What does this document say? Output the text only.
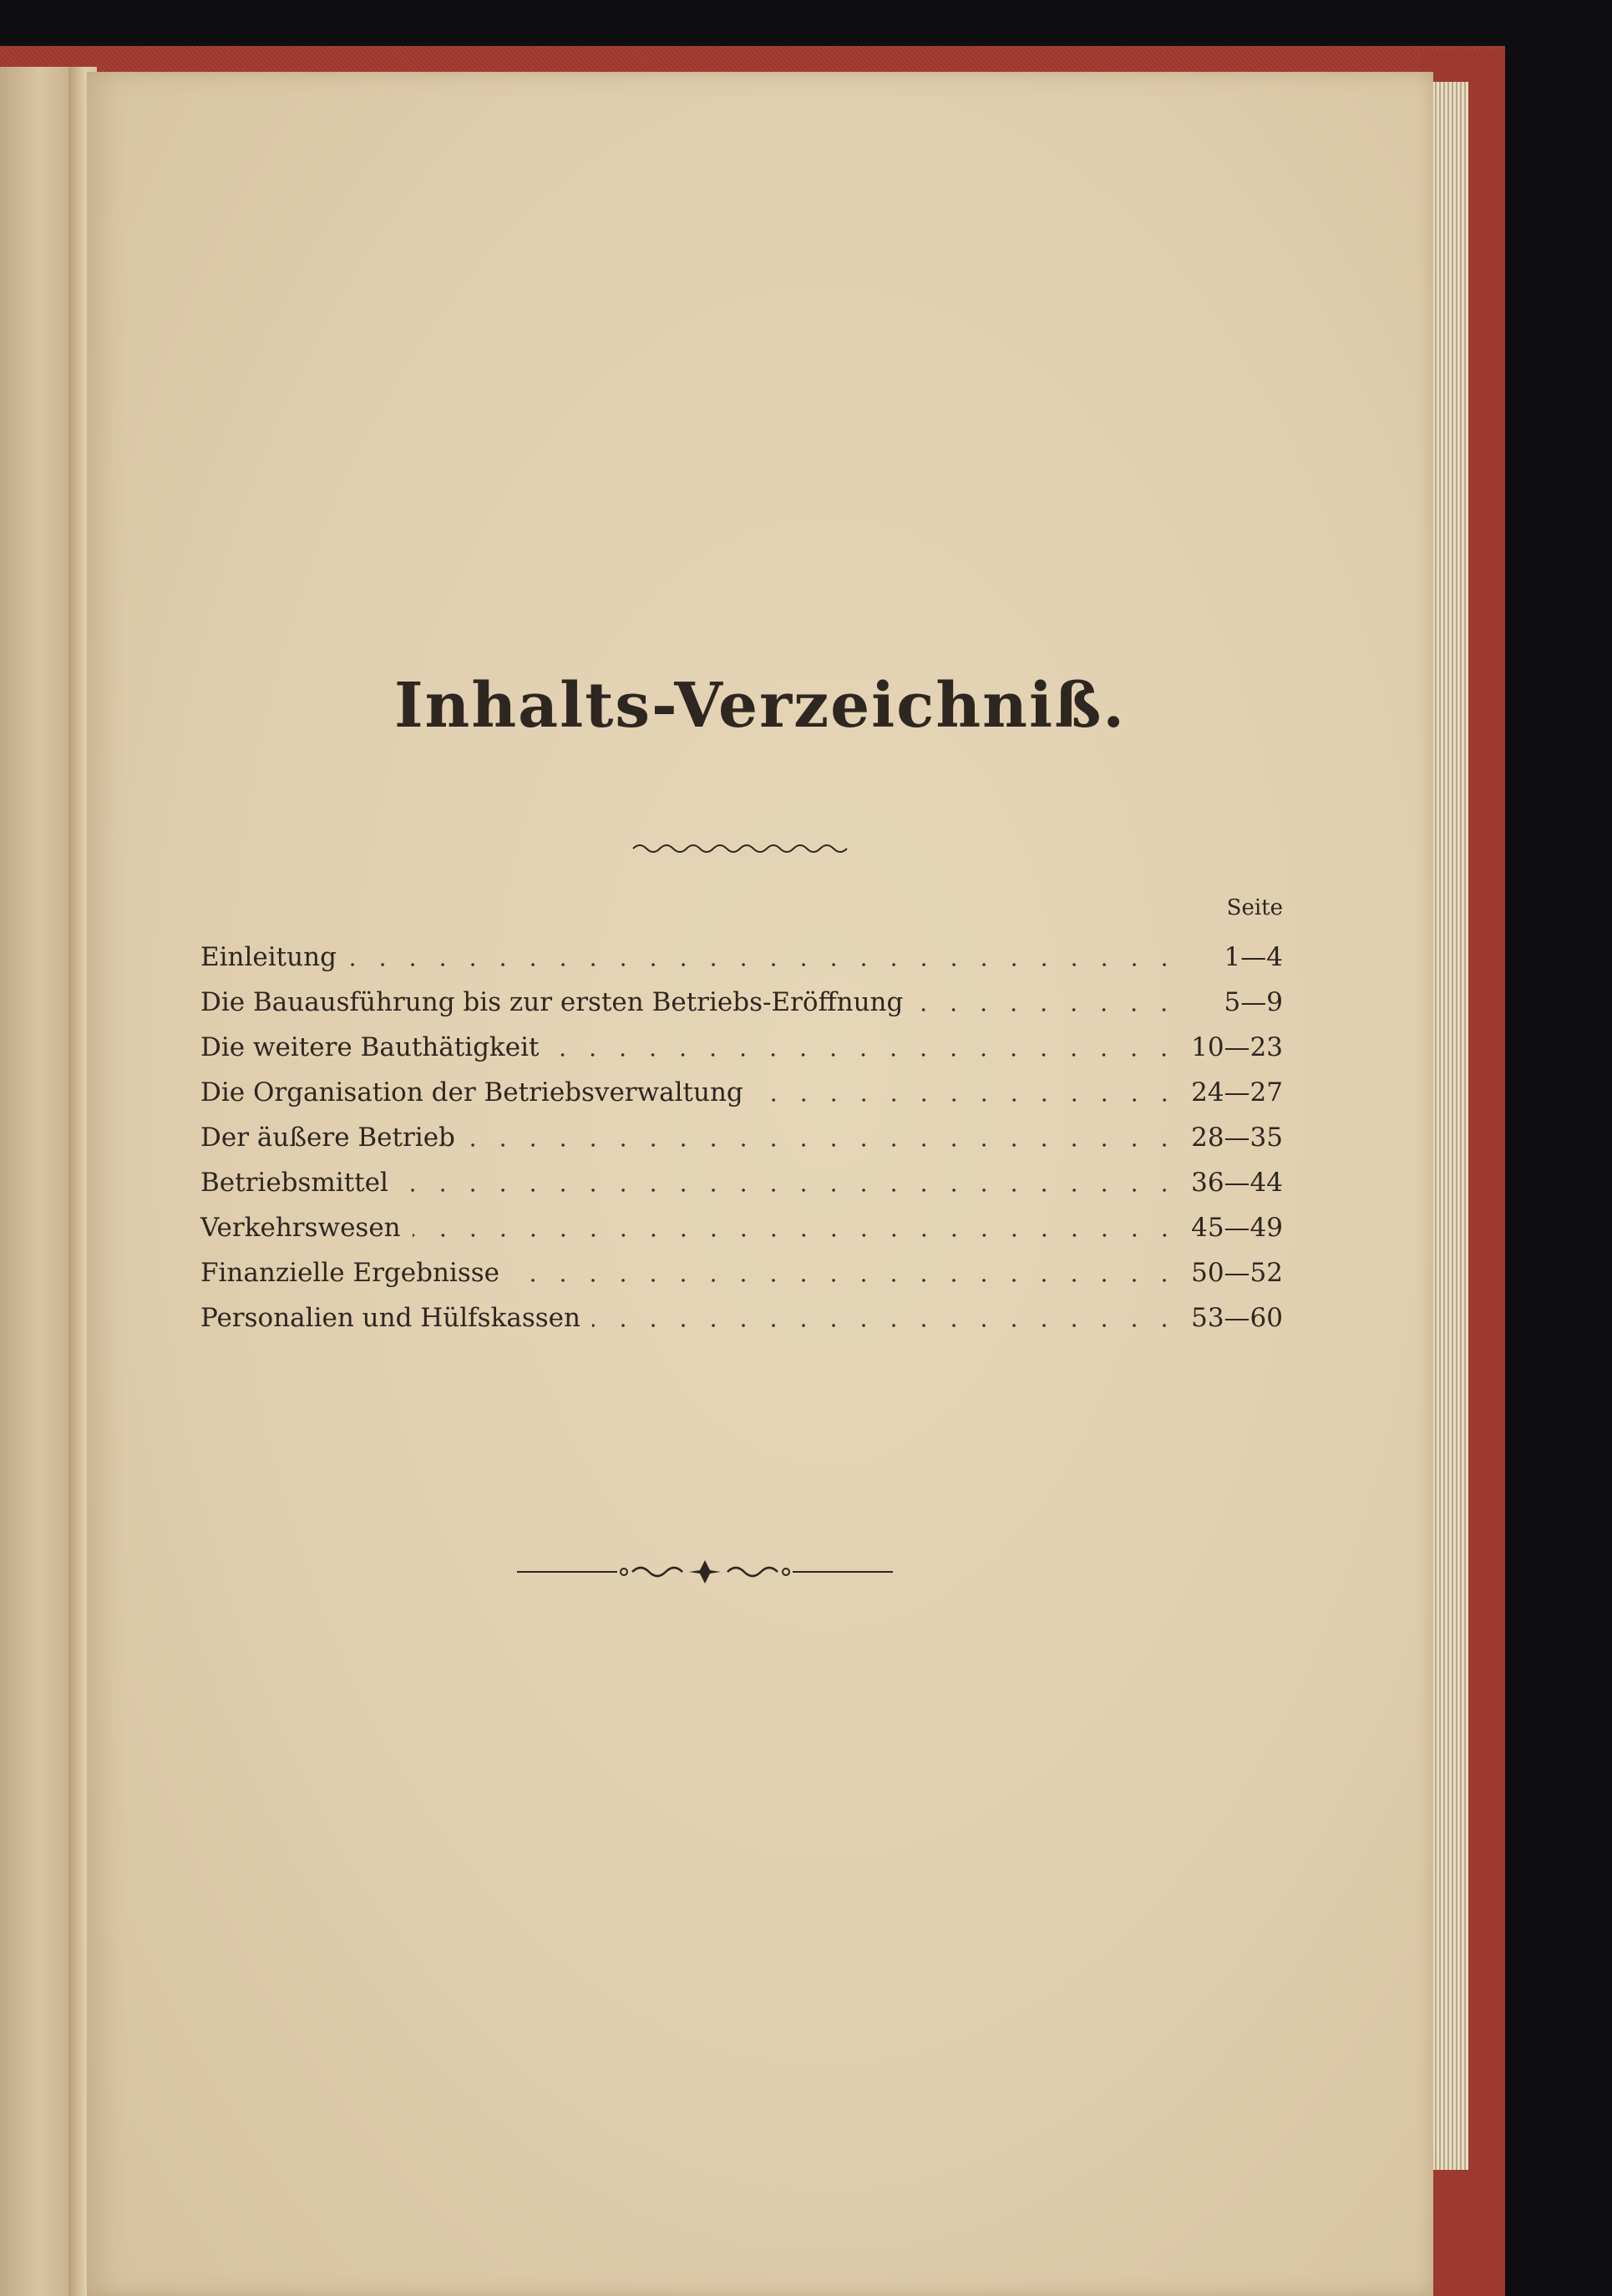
Inhalts-Verzeichniß.
Seite
Einleitung	1—4
Die Bauausführung bis zur ersten Betriebs-Eröffnung	5—9
Die weitere Bauthätigkeit	10—23
Die Organisation der Betriebsverwaltung	24—27
Der äußere Betrieb	28—35
Betriebsmittel	36—44
Verkehrswesen	45—49
Finanzielle Ergebnisse	50—52
Personalien und Hülfskassen	53—60
